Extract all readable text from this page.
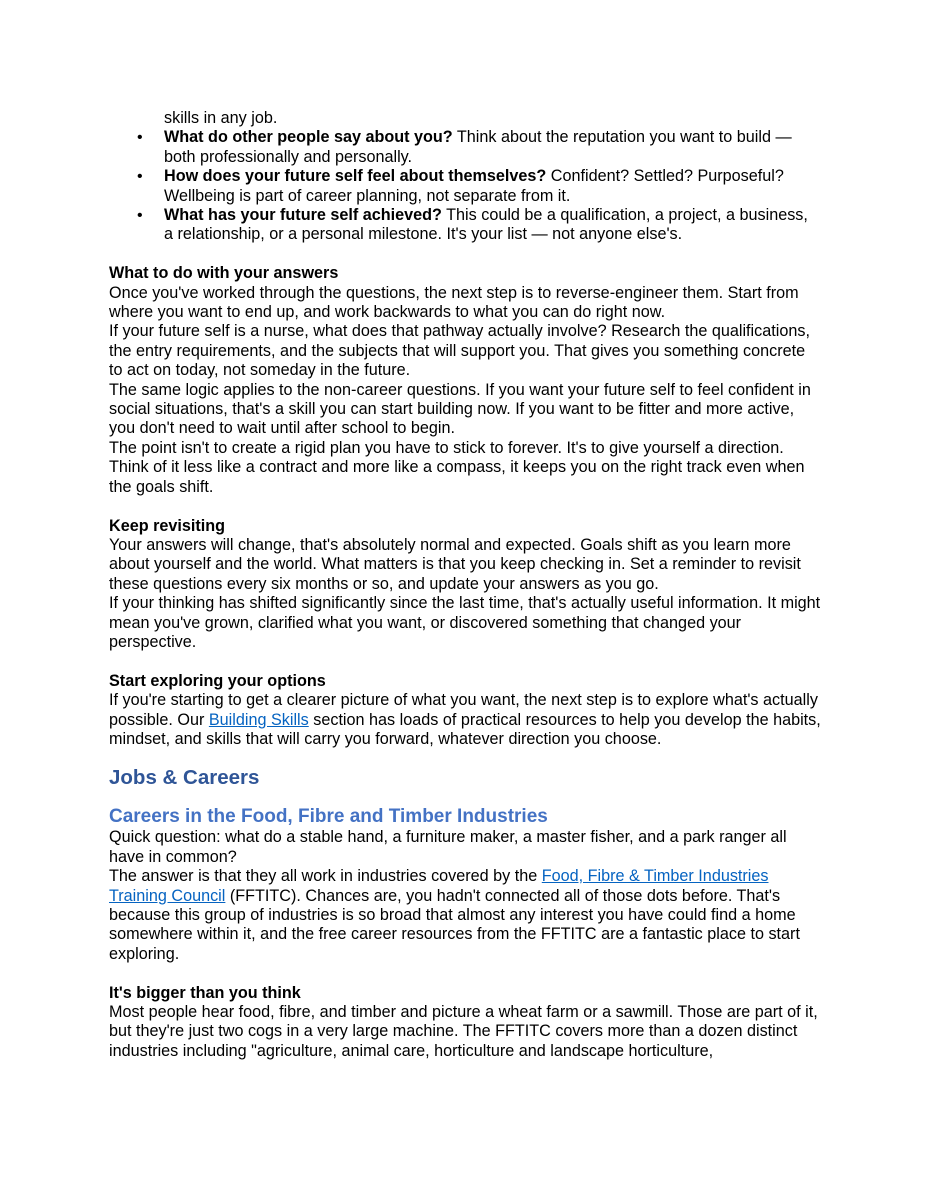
skills in any job.
• What do other people say about you? Think about the reputation you want to build — both professionally and personally.
• How does your future self feel about themselves? Confident? Settled? Purposeful? Wellbeing is part of career planning, not separate from it.
• What has your future self achieved? This could be a qualification, a project, a business, a relationship, or a personal milestone. It's your list — not anyone else's.

What to do with your answers

Once you've worked through the questions, the next step is to reverse-engineer them. Start from where you want to end up, and work backwards to what you can do right now.

If your future self is a nurse, what does that pathway actually involve? Research the qualifications, the entry requirements, and the subjects that will support you. That gives you something concrete to act on today, not someday in the future.

The same logic applies to the non-career questions. If you want your future self to feel confident in social situations, that's a skill you can start building now. If you want to be fitter and more active, you don't need to wait until after school to begin.

The point isn't to create a rigid plan you have to stick to forever. It's to give yourself a direction. Think of it less like a contract and more like a compass, it keeps you on the right track even when the goals shift.

Keep revisiting

Your answers will change, that's absolutely normal and expected. Goals shift as you learn more about yourself and the world. What matters is that you keep checking in. Set a reminder to revisit these questions every six months or so, and update your answers as you go.

If your thinking has shifted significantly since the last time, that's actually useful information. It might mean you've grown, clarified what you want, or discovered something that changed your perspective.

Start exploring your options

If you're starting to get a clearer picture of what you want, the next step is to explore what's actually possible. Our Building Skills section has loads of practical resources to help you develop the habits, mindset, and skills that will carry you forward, whatever direction you choose.

Jobs & Careers
Careers in the Food, Fibre and Timber Industries

Quick question: what do a stable hand, a furniture maker, a master fisher, and a park ranger all have in common?

The answer is that they all work in industries covered by the Food, Fibre & Timber Industries Training Council (FFTITC). Chances are, you hadn't connected all of those dots before. That's because this group of industries is so broad that almost any interest you have could find a home somewhere within it, and the free career resources from the FFTITC are a fantastic place to start exploring.

It's bigger than you think

Most people hear food, fibre, and timber and picture a wheat farm or a sawmill. Those are part of it, but they're just two cogs in a very large machine. The FFTITC covers more than a dozen distinct industries including "agriculture, animal care, horticulture and landscape horticulture,
